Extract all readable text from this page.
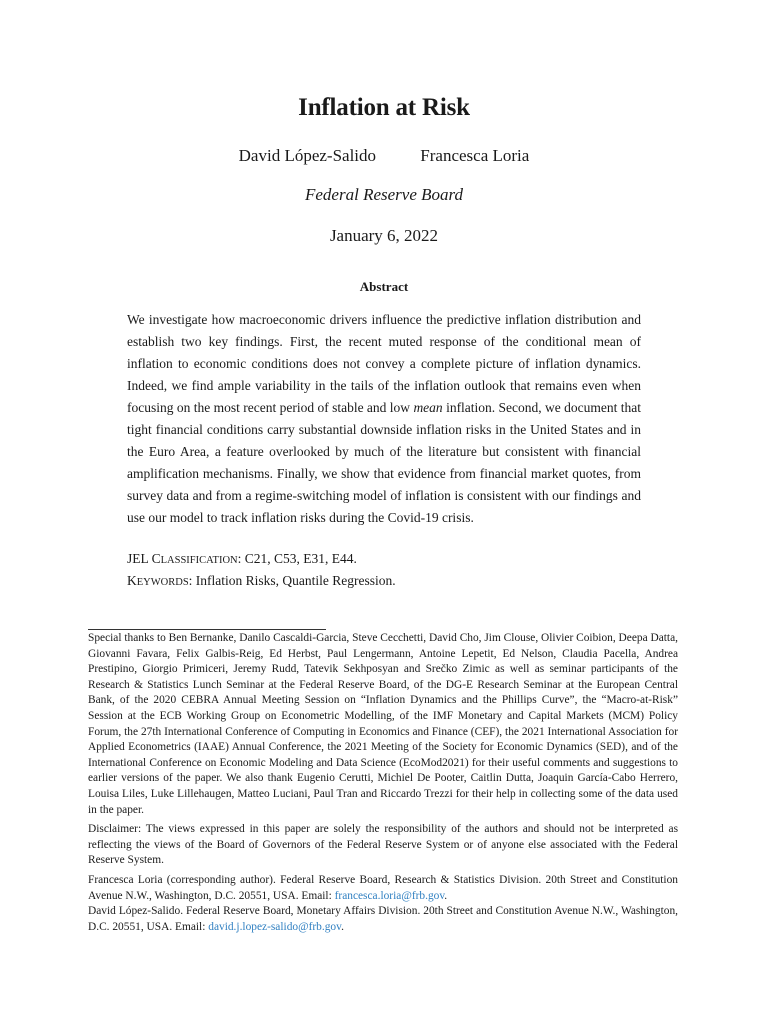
Inflation at Risk
David López-Salido	Francesca Loria
Federal Reserve Board
January 6, 2022
Abstract

We investigate how macroeconomic drivers influence the predictive inflation distribution and establish two key findings. First, the recent muted response of the conditional mean of inflation to economic conditions does not convey a complete picture of inflation dynamics. Indeed, we find ample variability in the tails of the inflation outlook that remains even when focusing on the most recent period of stable and low mean inflation. Second, we document that tight financial conditions carry substantial downside inflation risks in the United States and in the Euro Area, a feature overlooked by much of the literature but consistent with financial amplification mechanisms. Finally, we show that evidence from financial market quotes, from survey data and from a regime-switching model of inflation is consistent with our findings and use our model to track inflation risks during the Covid-19 crisis.

JEL CLASSIFICATION: C21, C53, E31, E44.
KEYWORDS: Inflation Risks, Quantile Regression.

Special thanks to Ben Bernanke, Danilo Cascaldi-Garcia, Steve Cecchetti, David Cho, Jim Clouse, Olivier Coibion, Deepa Datta, Giovanni Favara, Felix Galbis-Reig, Ed Herbst, Paul Lengermann, Antoine Lepetit, Ed Nelson, Claudia Pacella, Andrea Prestipino, Giorgio Primiceri, Jeremy Rudd, Tatevik Sekhposyan and Srečko Zimic as well as seminar participants of the Research & Statistics Lunch Seminar at the Federal Reserve Board, of the DG-E Research Seminar at the European Central Bank, of the 2020 CEBRA Annual Meeting Session on “Inflation Dynamics and the Phillips Curve”, the “Macro-at-Risk” Session at the ECB Working Group on Econometric Modelling, of the IMF Monetary and Capital Markets (MCM) Policy Forum, the 27th International Conference of Computing in Economics and Finance (CEF), the 2021 International Association for Applied Econometrics (IAAE) Annual Conference, the 2021 Meeting of the Society for Economic Dynamics (SED), and of the International Conference on Economic Modeling and Data Science (EcoMod2021) for their useful comments and suggestions to earlier versions of the paper. We also thank Eugenio Cerutti, Michiel De Pooter, Caitlin Dutta, Joaquin García-Cabo Herrero, Louisa Liles, Luke Lillehaugen, Matteo Luciani, Paul Tran and Riccardo Trezzi for their help in collecting some of the data used in the paper.

Disclaimer: The views expressed in this paper are solely the responsibility of the authors and should not be interpreted as reflecting the views of the Board of Governors of the Federal Reserve System or of anyone else associated with the Federal Reserve System.

Francesca Loria (corresponding author). Federal Reserve Board, Research & Statistics Division. 20th Street and Constitution Avenue N.W., Washington, D.C. 20551, USA. Email: francesca.loria@frb.gov.

David López-Salido. Federal Reserve Board, Monetary Affairs Division. 20th Street and Constitution Avenue N.W., Washington, D.C. 20551, USA. Email: david.j.lopez-salido@frb.gov.
